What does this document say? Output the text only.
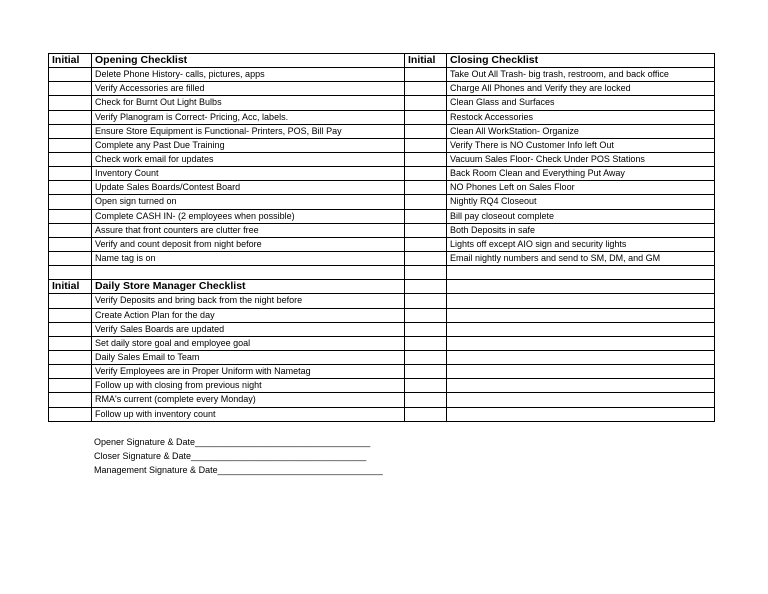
Initial	Opening Checklist	Initial	Closing Checklist
	Delete Phone History- calls, pictures, apps		Take Out All Trash- big trash, restroom, and back office
	Verify Accessories are filled		Charge All Phones and Verify they are locked
	Check for Burnt Out Light Bulbs		Clean Glass and Surfaces
	Verify Planogram is Correct- Pricing, Acc, labels.		Restock Accessories
	Ensure Store Equipment is Functional- Printers, POS, Bill Pay		Clean All WorkStation- Organize
	Complete any Past Due Training		Verify There is NO Customer Info left Out
	Check work email for updates		Vacuum Sales Floor- Check Under POS Stations
	Inventory Count		Back Room Clean and Everything Put Away
	Update Sales Boards/Contest Board		NO Phones Left on Sales Floor
	Open sign turned on		Nightly RQ4 Closeout
	Complete CASH IN- (2 employees when possible)		Bill pay closeout complete
	Assure that front counters are clutter free		Both Deposits in safe
	Verify and count deposit from night before		Lights off except AIO sign and security lights
	Name tag is on		Email nightly numbers and send to SM, DM, and GM

Initial	Daily Store Manager Checklist		
	Verify Deposits and bring back from the night before		
	Create Action Plan for the day		
	Verify Sales Boards are updated		
	Set daily store goal and employee goal		
	Daily Sales Email to Team		
	Verify Employees are in Proper Uniform with Nametag		
	Follow up with closing from previous night		
	RMA's current (complete every Monday)		
	Follow up with inventory count		
Opener Signature & Date___________________________________
Closer Signature & Date___________________________________
Management Signature & Date_________________________________
